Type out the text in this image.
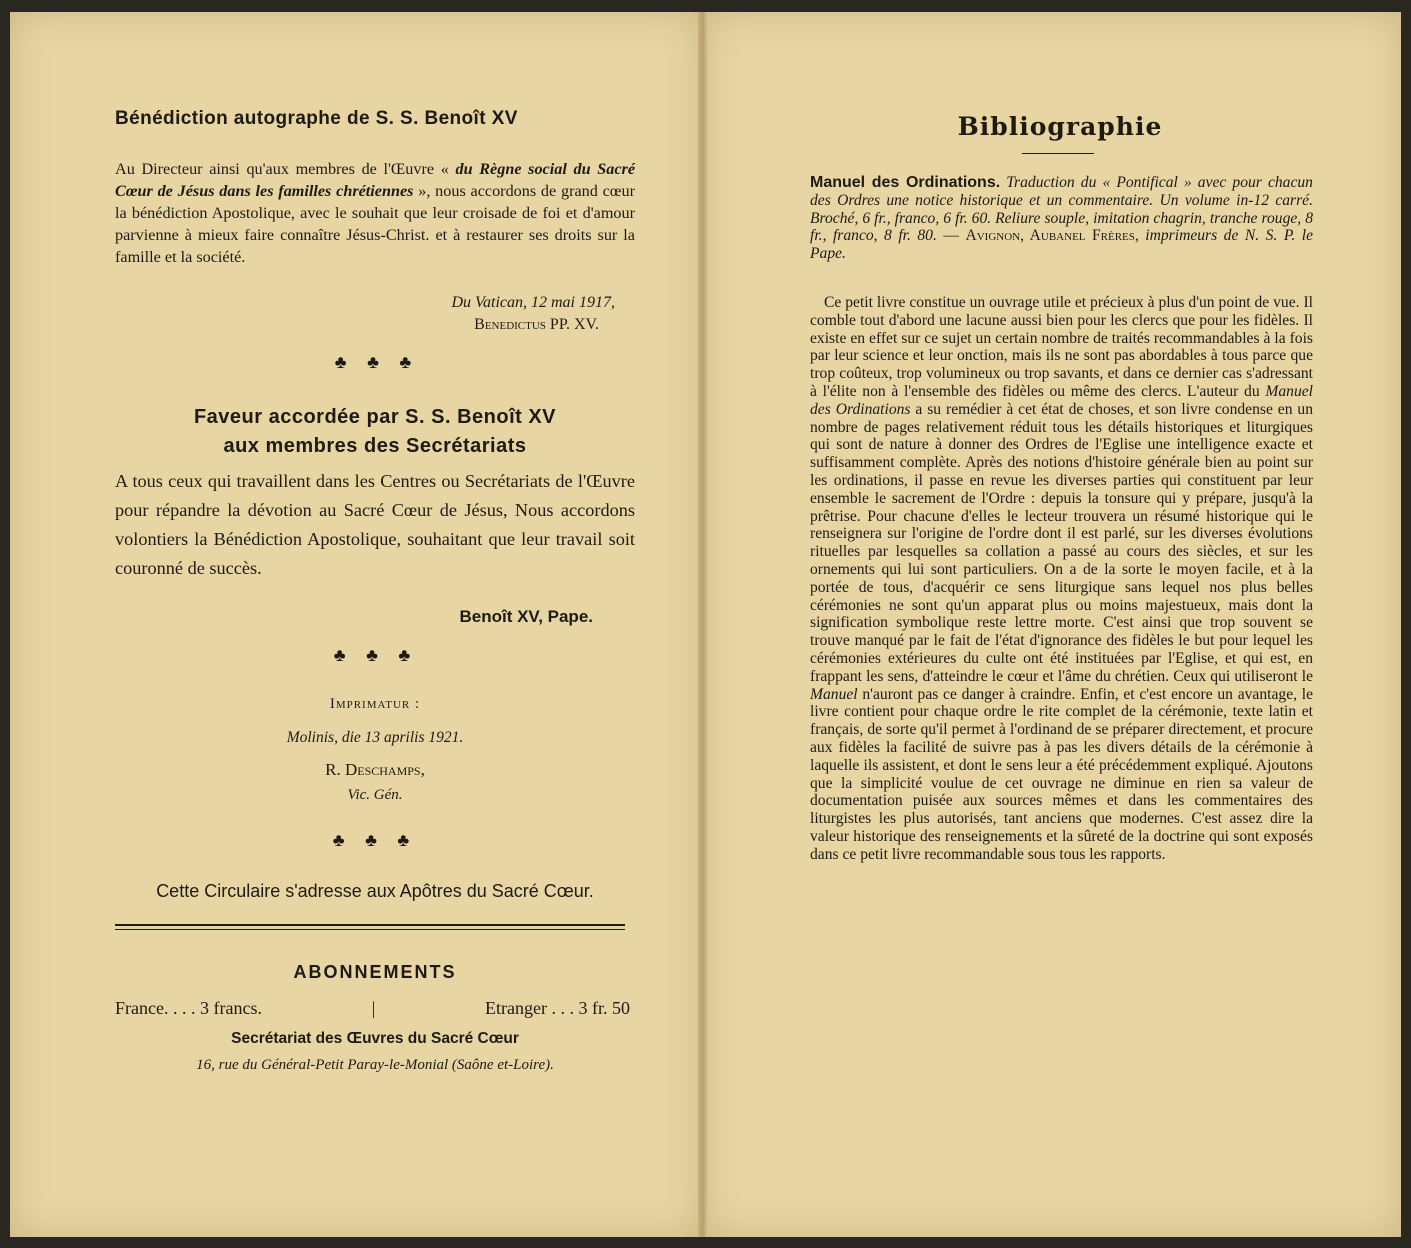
Bénédiction autographe de S. S. Benoît XV
Au Directeur ainsi qu'aux membres de l'Œuvre « du Règne social du Sacré Cœur de Jésus dans les familles chrétiennes », nous accordons de grand cœur la bénédiction Apostolique, avec le souhait que leur croisade de foi et d'amour parvienne à mieux faire connaître Jésus-Christ. et à restaurer ses droits sur la famille et la société.
Du Vatican, 12 mai 1917,
Benedictus PP. XV.
♣ ♣ ♣
Faveur accordée par S. S. Benoît XV
aux membres des Secrétariats
A tous ceux qui travaillent dans les Centres ou Secrétariats de l'Œuvre pour répandre la dévotion au Sacré Cœur de Jésus, Nous accordons volontiers la Bénédiction Apostolique, souhaitant que leur travail soit couronné de succès.
Benoît XV, Pape.
♣ ♣ ♣
Imprimatur :
Molinis, die 13 aprilis 1921.
R. Deschamps,
Vic. Gén.
♣ ♣ ♣
Cette Circulaire s'adresse aux Apôtres du Sacré Cœur.
ABONNEMENTS
France. . . . 3 francs.	|	Etranger . . . 3 fr. 50
Secrétariat des Œuvres du Sacré Cœur
16, rue du Général-Petit Paray-le-Monial (Saône et-Loire).
Bibliographie
Manuel des Ordinations. Traduction du « Pontifical » avec pour chacun des Ordres une notice historique et un commentaire. Un volume in-12 carré. Broché, 6 fr., franco, 6 fr. 60. Reliure souple, imitation chagrin, tranche rouge, 8 fr., franco, 8 fr. 80. — Avignon, Aubanel Frères, imprimeurs de N. S. P. le Pape.
Ce petit livre constitue un ouvrage utile et précieux à plus d'un point de vue. Il comble tout d'abord une lacune aussi bien pour les clercs que pour les fidèles. Il existe en effet sur ce sujet un certain nombre de traités recommandables à la fois par leur science et leur onction, mais ils ne sont pas abordables à tous parce que trop coûteux, trop volumineux ou trop savants, et dans ce dernier cas s'adressant à l'élite non à l'ensemble des fidèles ou même des clercs. L'auteur du Manuel des Ordinations a su remédier à cet état de choses, et son livre condense en un nombre de pages relativement réduit tous les détails historiques et liturgiques qui sont de nature à donner des Ordres de l'Eglise une intelligence exacte et suffisamment complète. Après des notions d'histoire générale bien au point sur les ordinations, il passe en revue les diverses parties qui constituent par leur ensemble le sacrement de l'Ordre : depuis la tonsure qui y prépare, jusqu'à la prêtrise. Pour chacune d'elles le lecteur trouvera un résumé historique qui le renseignera sur l'origine de l'ordre dont il est parlé, sur les diverses évolutions rituelles par lesquelles sa collation a passé au cours des siècles, et sur les ornements qui lui sont particuliers. On a de la sorte le moyen facile, et à la portée de tous, d'acquérir ce sens liturgique sans lequel nos plus belles cérémonies ne sont qu'un apparat plus ou moins majestueux, mais dont la signification symbolique reste lettre morte. C'est ainsi que trop souvent se trouve manqué par le fait de l'état d'ignorance des fidèles le but pour lequel les cérémonies extérieures du culte ont été instituées par l'Eglise, et qui est, en frappant les sens, d'atteindre le cœur et l'âme du chrétien. Ceux qui utiliseront le Manuel n'auront pas ce danger à craindre. Enfin, et c'est encore un avantage, le livre contient pour chaque ordre le rite complet de la cérémonie, texte latin et français, de sorte qu'il permet à l'ordinand de se préparer directement, et procure aux fidèles la facilité de suivre pas à pas les divers détails de la cérémonie à laquelle ils assistent, et dont le sens leur a été précédemment expliqué. Ajoutons que la simplicité voulue de cet ouvrage ne diminue en rien sa valeur de documentation puisée aux sources mêmes et dans les commentaires des liturgistes les plus autorisés, tant anciens que modernes. C'est assez dire la valeur historique des renseignements et la sûreté de la doctrine qui sont exposés dans ce petit livre recommandable sous tous les rapports.
